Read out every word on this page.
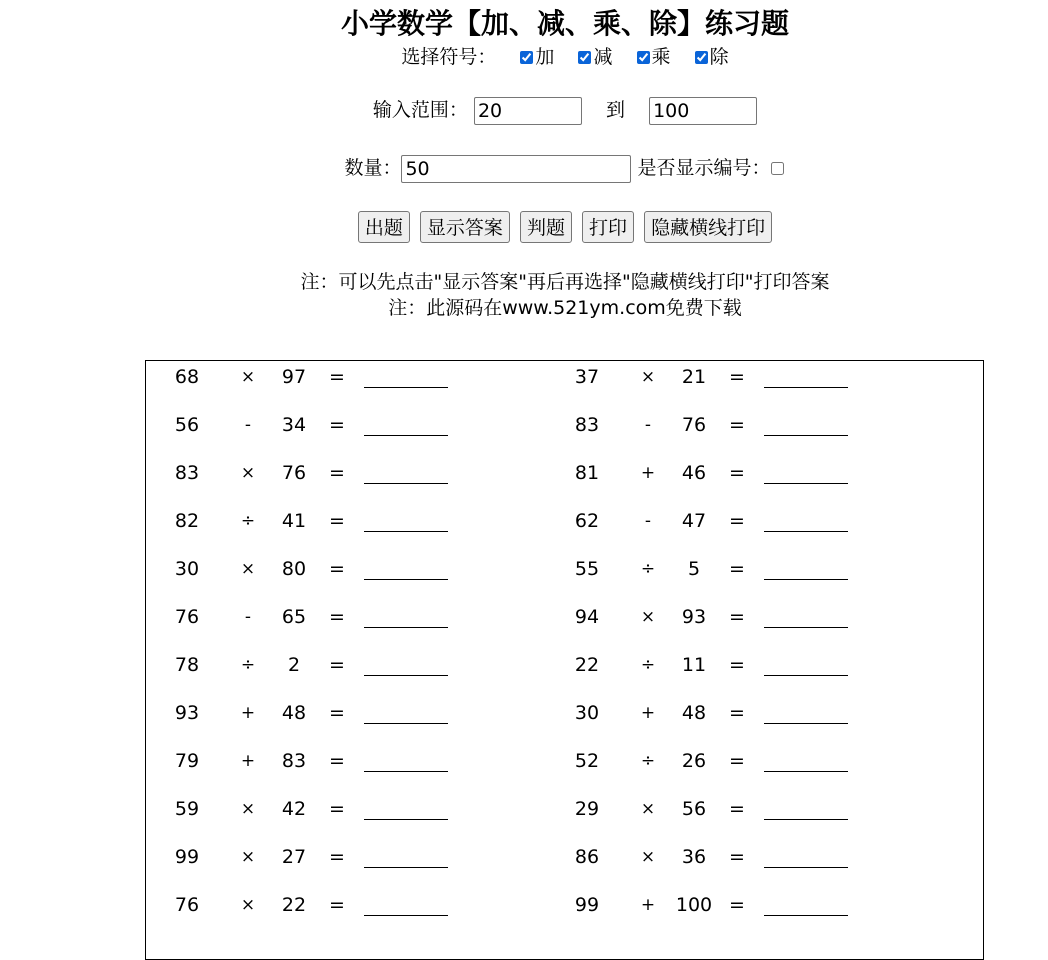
小学数学【加、减、乘、除】练习题
选择符号： 加 减 乘 除
输入范围： 20	到 100
数量：50	是否显示编号：
出题 显示答案 判题 打印 隐藏横线打印
注：可以先点击"显示答案"再后再选择"隐藏横线打印"打印答案
注：此源码在www.521ym.com免费下载
68	×	97	=	37	×	21	=
56	-	34	=	83	-	76	=
83	×	76	=	81	+	46	=
82	÷	41	=	62	-	47	=
30	×	80	=	55	÷	5	=
76	-	65	=	94	×	93	=
78	÷	2	=	22	÷	11	=
93	+	48	=	30	+	48	=
79	+	83	=	52	÷	26	=
59	×	42	=	29	×	56	=
99	×	27	=	86	×	36	=
76	×	22	=	99	+	100 =
